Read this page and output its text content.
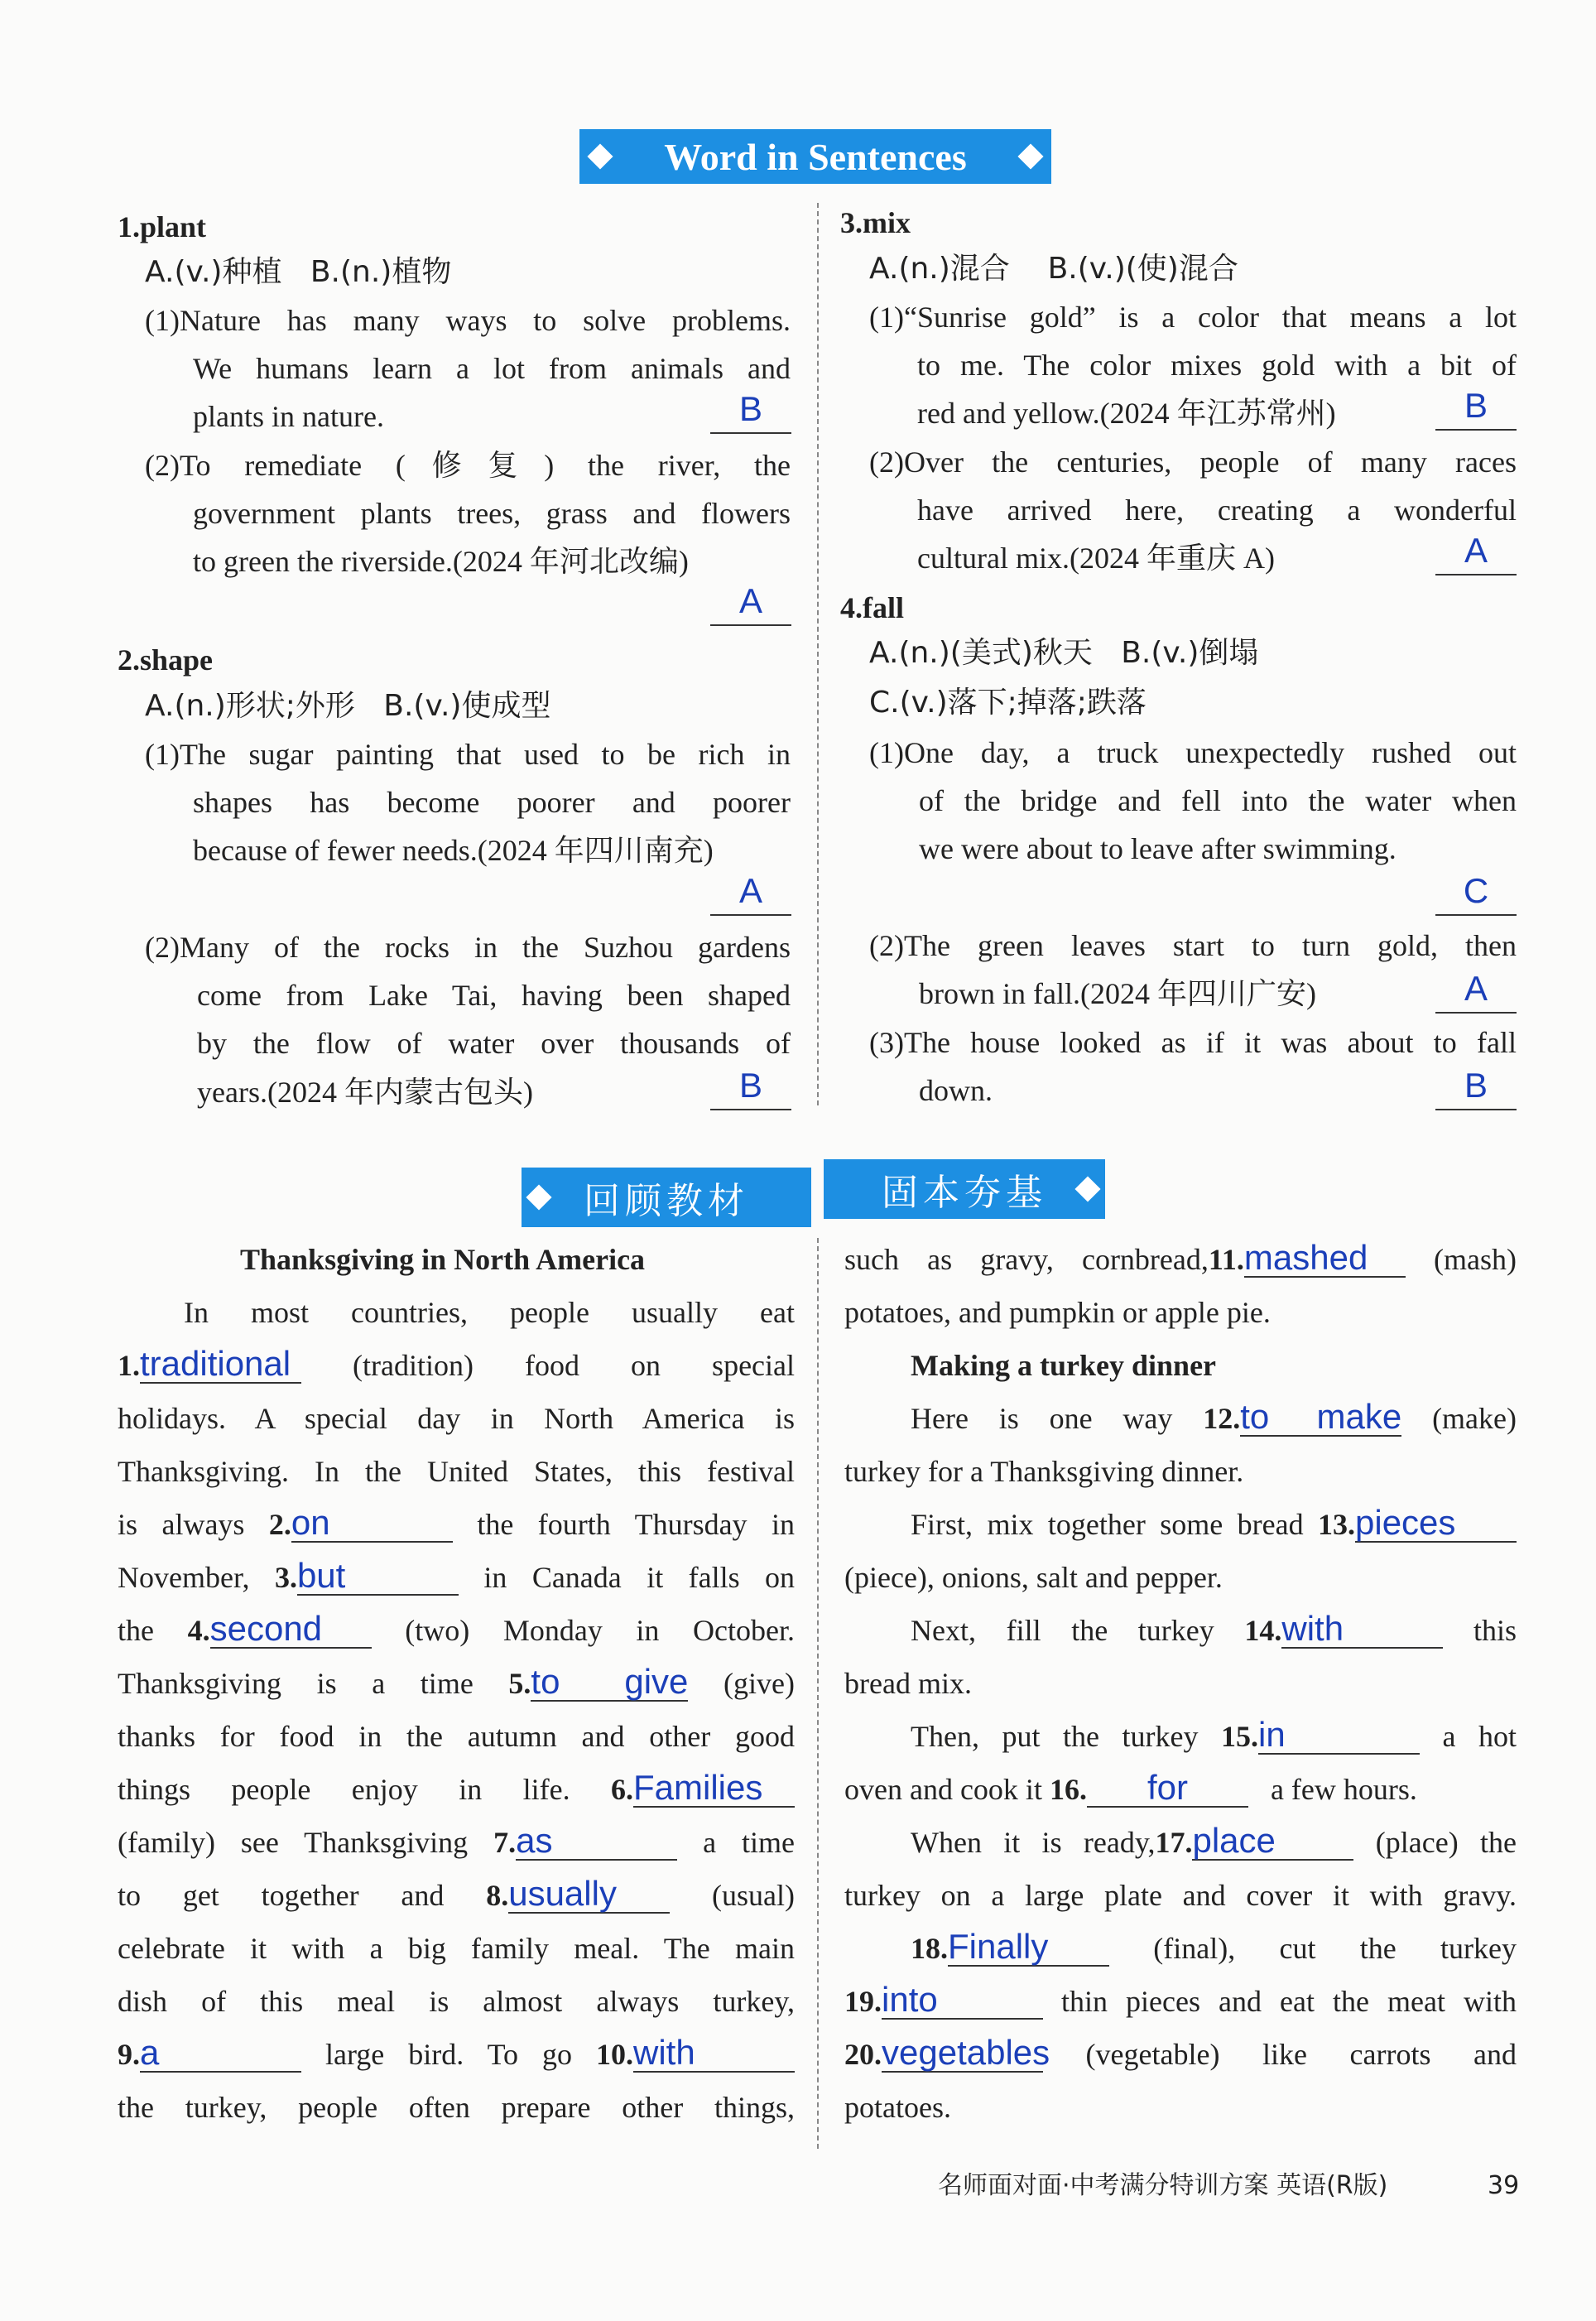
Word in Sentences
1.plant
A.(v.)种植 B.(n.)植物
(1)Nature has many ways to solve problems.
We humans learn a lot from animals and
plants in nature.	B
(2)To remediate (修复) the river, the
government plants trees, grass and flowers
to green the riverside.(2024 年河北改编)
A
2.shape
A.(n.)形状;外形 B.(v.)使成型
(1)The sugar painting that used to be rich in
shapes has become poorer and poorer
because of fewer needs.(2024 年四川南充)
A
(2)Many of the rocks in the Suzhou gardens
come from Lake Tai, having been shaped
by the flow of water over thousands of
years.(2024 年内蒙古包头)	B
3.mix
A.(n.)混合 B.(v.)(使)混合
(1)“Sunrise gold” is a color that means a lot
to me. The color mixes gold with a bit of
red and yellow.(2024 年江苏常州)	B
(2)Over the centuries, people of many races
have arrived here, creating a wonderful
cultural mix.(2024 年重庆 A)	A
4.fall
A.(n.)(美式)秋天 B.(v.)倒塌
C.(v.)落下;掉落;跌落
(1)One day, a truck unexpectedly rushed out
of the bridge and fell into the water when
we were about to leave after swimming.
C
(2)The green leaves start to turn gold, then
brown in fall.(2024 年四川广安)	A
(3)The house looked as if it was about to fall
down.	B
回顾教材	固本夯基
Thanksgiving in North America
In most countries, people usually eat
1.traditional (tradition) food on special
holidays. A special day in North America is
Thanksgiving. In the United States, this festival
is always 2.on	the fourth Thursday in
November, 3.but	in Canada it falls on
the 4.second	(two) Monday in October.
Thanksgiving is a time 5.to give (give)
thanks for food in the autumn and other good
things people enjoy in life. 6.Families
(family) see Thanksgiving 7.as	a time
to get together and 8.usually	(usual)
celebrate it with a big family meal. The main
dish of this meal is almost always turkey,
9.a	large bird. To go 10.with
the turkey, people often prepare other things,
such as gravy, cornbread,11.mashed (mash)
potatoes, and pumpkin or apple pie.
Making a turkey dinner
Here is one way 12.to make (make)
turkey for a Thanksgiving dinner.
First, mix together some bread 13.pieces
(piece), onions, salt and pepper.
Next, fill the turkey 14.with	this
bread mix.
Then, put the turkey 15.in	a hot
oven and cook it 16. for	a few hours.
When it is ready,17.place	(place) the
turkey on a large plate and cover it with gravy.
18.Finally	(final), cut the turkey
19.into	thin pieces and eat the meat with
20.vegetables (vegetable) like carrots and
potatoes.
名师面对面·中考满分特训方案 英语(R版)	39
